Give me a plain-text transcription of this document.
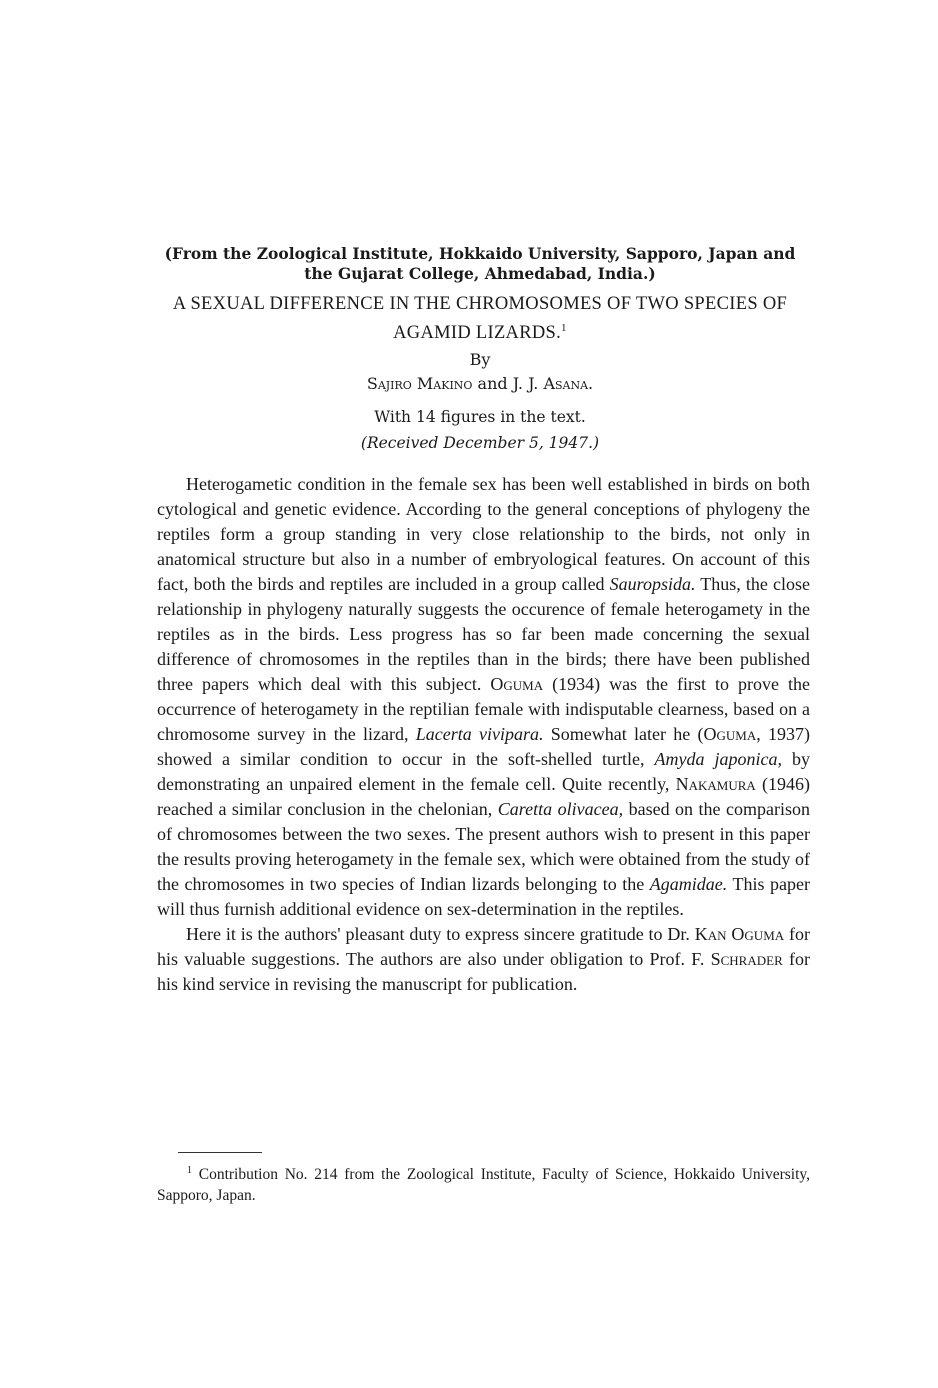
(From the Zoological Institute, Hokkaido University, Sapporo, Japan and the Gujarat College, Ahmedabad, India.)
A SEXUAL DIFFERENCE IN THE CHROMOSOMES OF TWO SPECIES OF AGAMID LIZARDS.$^1$
By
Sajiro Makino and J. J. Asana.
With 14 figures in the text.
(Received December 5, 1947.)

Heterogametic condition in the female sex has been well established in birds on both cytological and genetic evidence. According to the general conceptions of phylogeny the reptiles form a group standing in very close relationship to the birds, not only in anatomical structure but also in a number of embryological features. On account of this fact, both the birds and reptiles are included in a group called Sauropsida. Thus, the close relationship in phylogeny naturally suggests the occurence of female heterogamety in the reptiles as in the birds. Less progress has so far been made concerning the sexual difference of chromosomes in the reptiles than in the birds; there have been published three papers which deal with this subject. Oguma (1934) was the first to prove the occurrence of heterogamety in the reptilian female with indisputable clearness, based on a chromosome survey in the lizard, Lacerta vivipara. Somewhat later he (Oguma, 1937) showed a similar condition to occur in the soft-shelled turtle, Amyda japonica, by demonstrating an unpaired element in the female cell. Quite recently, Nakamura (1946) reached a similar conclusion in the chelonian, Caretta olivacea, based on the comparison of chromosomes between the two sexes. The present authors wish to present in this paper the results proving heterogamety in the female sex, which were obtained from the study of the chromosomes in two species of Indian lizards belonging to the Agamidae. This paper will thus furnish additional evidence on sex-determination in the reptiles.

Here it is the authors' pleasant duty to express sincere gratitude to Dr. Kan Oguma for his valuable suggestions. The authors are also under obligation to Prof. F. Schrader for his kind service in revising the manuscript for publication.

$^1$ Contribution No. 214 from the Zoological Institute, Faculty of Science, Hokkaido University, Sapporo, Japan.
